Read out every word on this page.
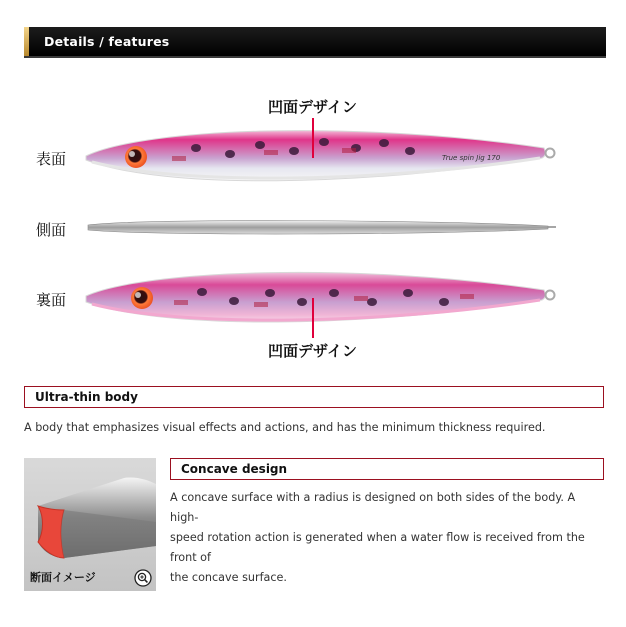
Details / features
True spin Jig 170
表面
側面
裏面
凹面デザイン
凹面デザイン
Ultra-thin body
A body that emphasizes visual effects and actions, and has the minimum thickness required.
断面イメージ
Concave design
A concave surface with a radius is designed on both sides of the body. A high-
speed rotation action is generated when a water flow is received from the front of
the concave surface.
